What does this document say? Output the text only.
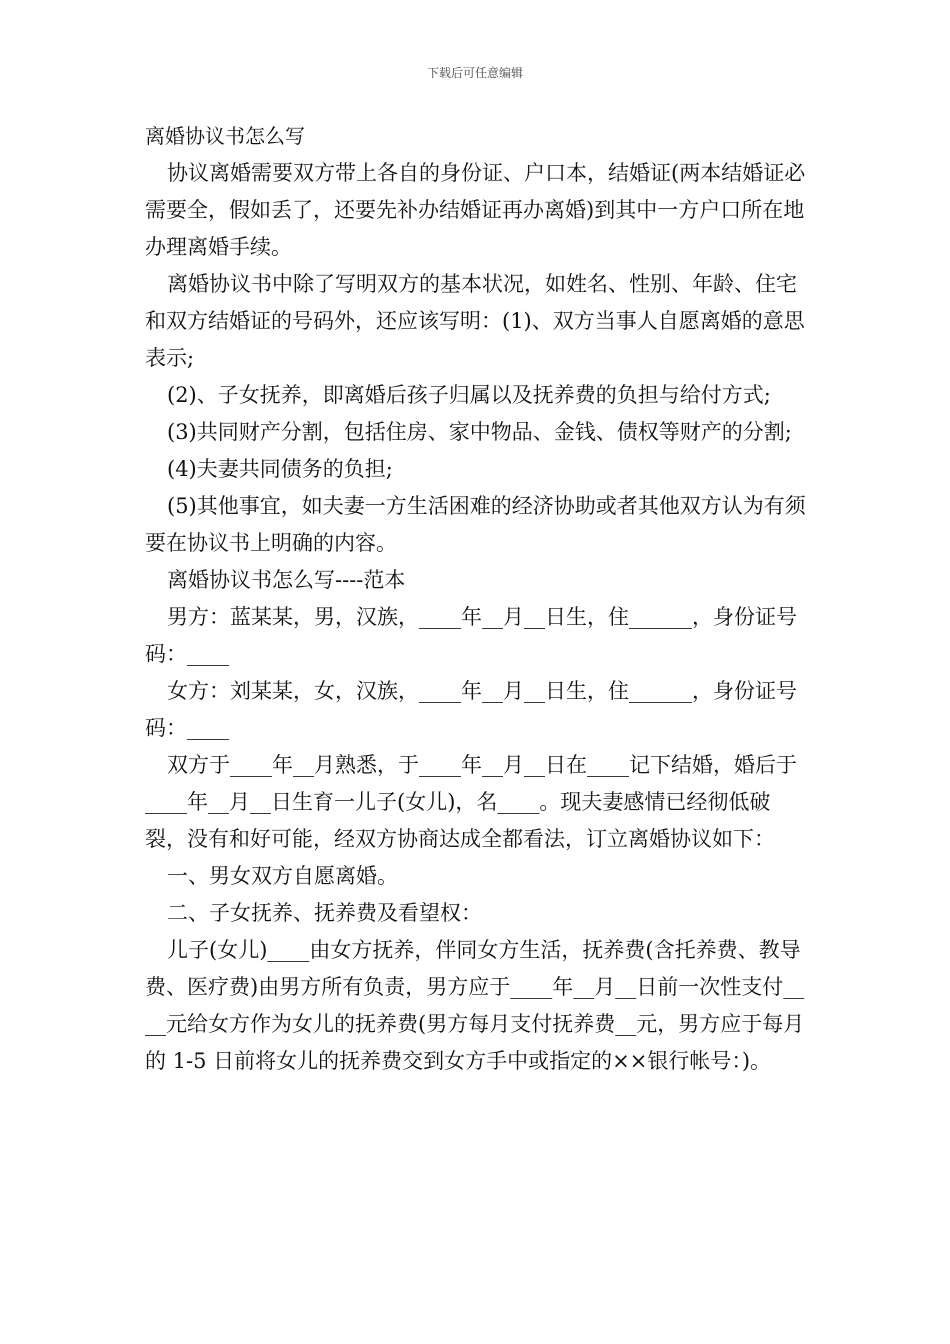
下载后可任意编辑

离婚协议书怎么写

协议离婚需要双方带上各自的身份证、户口本，结婚证(两本结婚证必需要全，假如丢了，还要先补办结婚证再办离婚)到其中一方户口所在地办理离婚手续。

离婚协议书中除了写明双方的基本状况，如姓名、性别、年龄、住宅和双方结婚证的号码外，还应该写明：(1)、双方当事人自愿离婚的意思表示;

(2)、子女抚养，即离婚后孩子归属以及抚养费的负担与给付方式;

(3)共同财产分割，包括住房、家中物品、金钱、债权等财产的分割;

(4)夫妻共同债务的负担;

(5)其他事宜，如夫妻一方生活困难的经济协助或者其他双方认为有须要在协议书上明确的内容。

离婚协议书怎么写----范本

男方：蓝某某，男，汉族，____年__月__日生，住______，身份证号码：____

女方：刘某某，女，汉族，____年__月__日生，住______，身份证号码：____

双方于____年__月熟悉，于____年__月__日在____记下结婚，婚后于____年__月__日生育一儿子(女儿)，名____。现夫妻感情已经彻低破裂，没有和好可能，经双方协商达成全都看法，订立离婚协议如下：

一、男女双方自愿离婚。

二、子女抚养、抚养费及看望权：

儿子(女儿)____由女方抚养，伴同女方生活，抚养费(含托养费、教导费、医疗费)由男方所有负责，男方应于____年__月__日前一次性支付____元给女方作为女儿的抚养费(男方每月支付抚养费__元，男方应于每月的 1-5 日前将女儿的抚养费交到女方手中或指定的××银行帐号：)。
